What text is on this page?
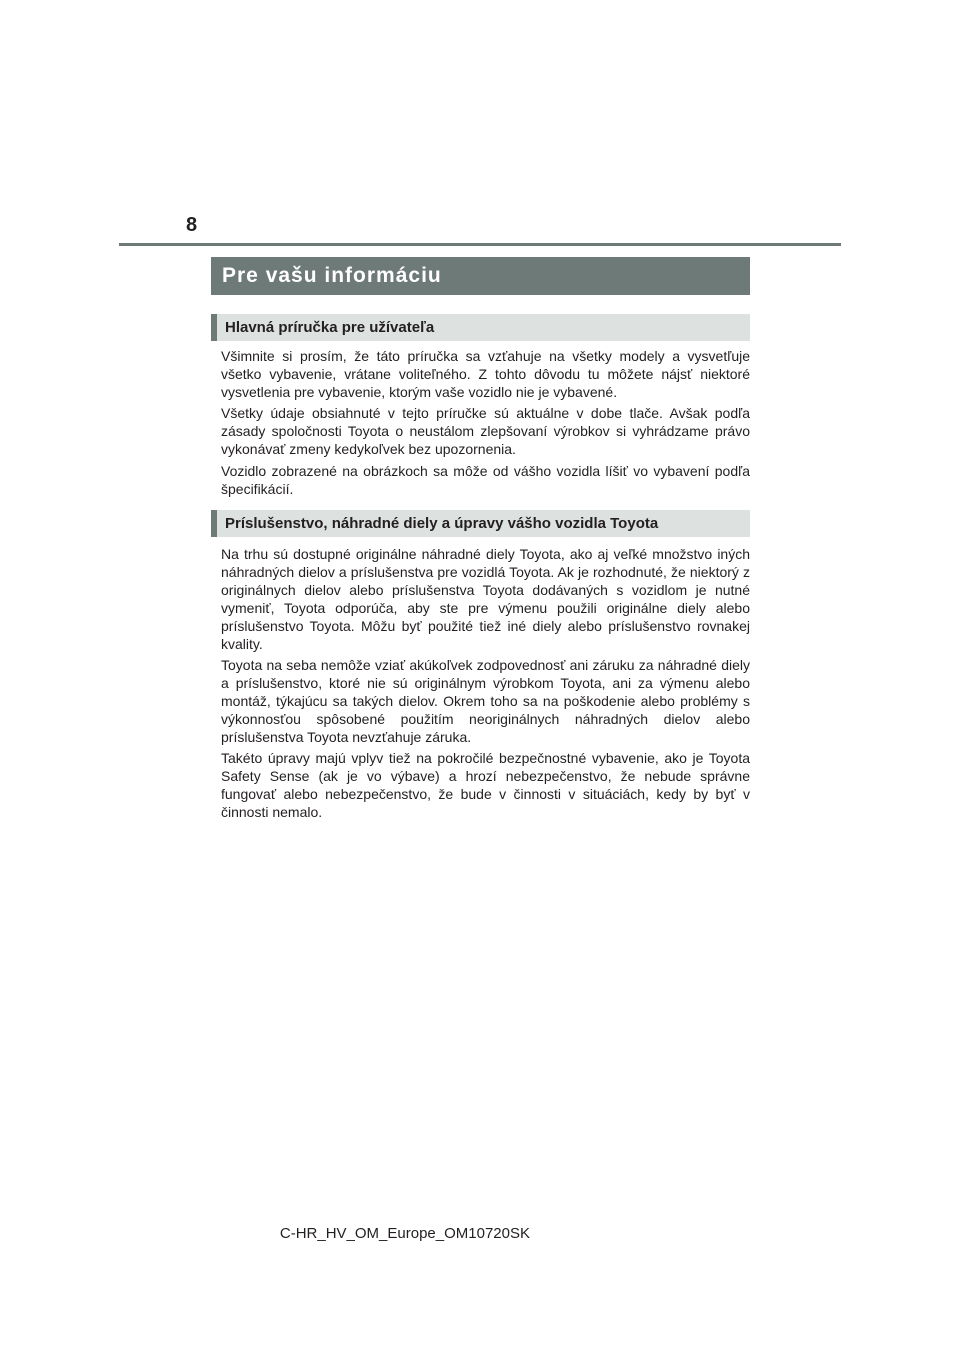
8
Pre vašu informáciu
Hlavná príručka pre užívateľa

Všimnite si prosím, že táto príručka sa vzťahuje na všetky modely a vysvetľuje všetko vybavenie, vrátane voliteľného. Z tohto dôvodu tu môžete nájsť niektoré vysvetlenia pre vybavenie, ktorým vaše vozidlo nie je vybavené.

Všetky údaje obsiahnuté v tejto príručke sú aktuálne v dobe tlače. Avšak podľa zásady spoločnosti Toyota o neustálom zlepšovaní výrobkov si vyhrádzame právo vykonávať zmeny kedykoľvek bez upozornenia.

Vozidlo zobrazené na obrázkoch sa môže od vášho vozidla líšiť vo vybavení podľa špecifikácií.

Príslušenstvo, náhradné diely a úpravy vášho vozidla Toyota

Na trhu sú dostupné originálne náhradné diely Toyota, ako aj veľké množstvo iných náhradných dielov a príslušenstva pre vozidlá Toyota. Ak je rozhodnuté, že niektorý z originálnych dielov alebo príslušenstva Toyota dodávaných s vozidlom je nutné vymeniť, Toyota odporúča, aby ste pre výmenu použili originálne diely alebo príslušenstvo Toyota. Môžu byť použité tiež iné diely alebo príslušenstvo rovnakej kvality.

Toyota na seba nemôže vziať akúkoľvek zodpovednosť ani záruku za náhradné diely a príslušenstvo, ktoré nie sú originálnym výrobkom Toyota, ani za výmenu alebo montáž, týkajúcu sa takých dielov. Okrem toho sa na poškodenie alebo problémy s výkonnosťou spôsobené použitím neoriginálnych náhradných dielov alebo príslušenstva Toyota nevzťahuje záruka.

Takéto úpravy majú vplyv tiež na pokročilé bezpečnostné vybavenie, ako je Toyota Safety Sense (ak je vo výbave) a hrozí nebezpečenstvo, že nebude správne fungovať alebo nebezpečenstvo, že bude v činnosti v situáciách, kedy by byť v činnosti nemalo.

C-HR_HV_OM_Europe_OM10720SK
